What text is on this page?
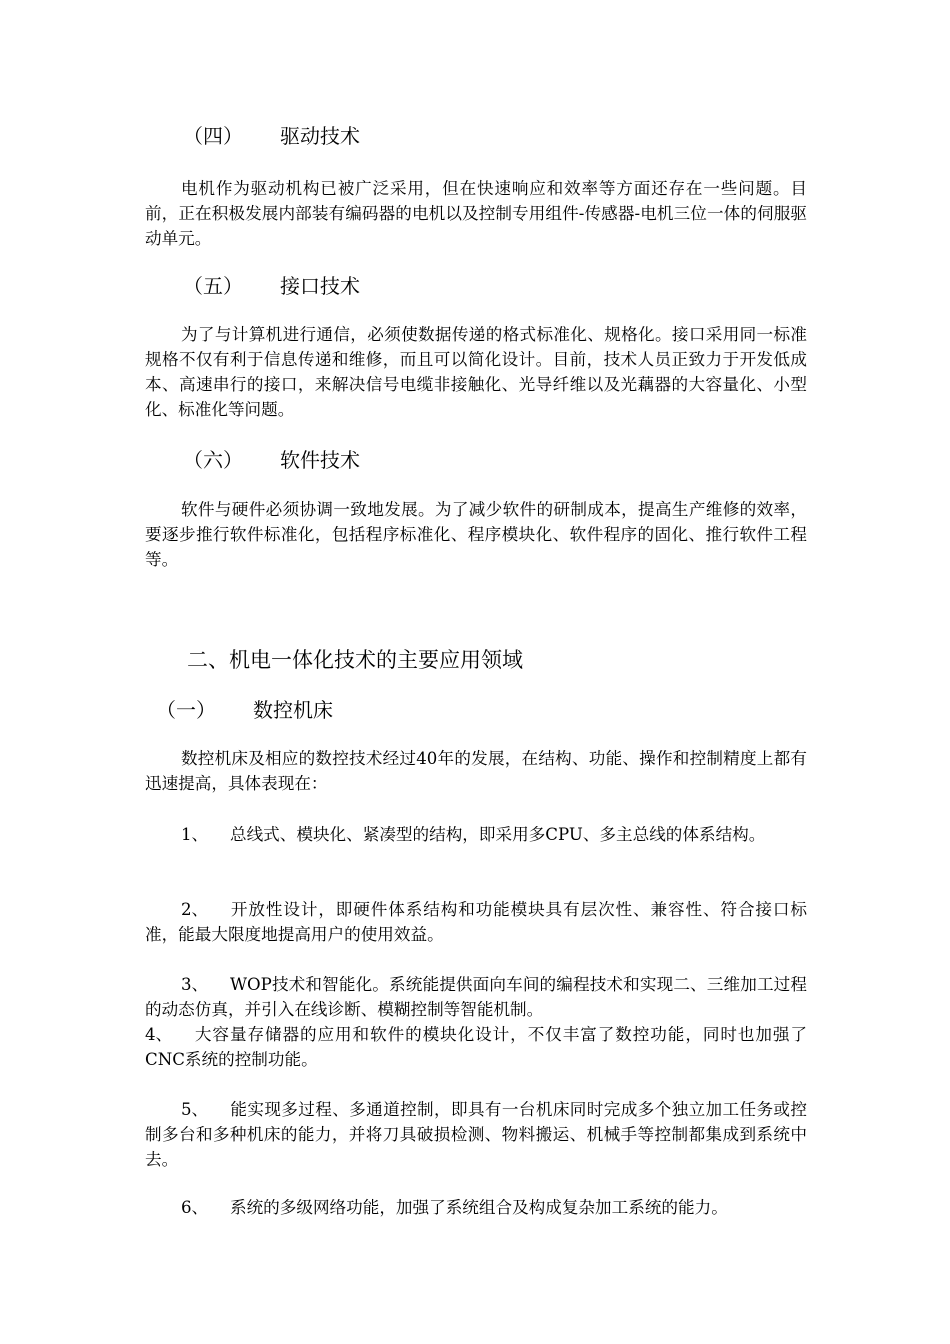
（四） 驱动技术

电机作为驱动机构已被广泛采用，但在快速响应和效率等方面还存在一些问题。目前，正在积极发展内部装有编码器的电机以及控制专用组件-传感器-电机三位一体的伺服驱动单元。

（五） 接口技术

为了与计算机进行通信，必须使数据传递的格式标准化、规格化。接口采用同一标准规格不仅有利于信息传递和维修，而且可以简化设计。目前，技术人员正致力于开发低成本、高速串行的接口，来解决信号电缆非接触化、光导纤维以及光藕器的大容量化、小型化、标准化等问题。

（六） 软件技术

软件与硬件必须协调一致地发展。为了减少软件的研制成本，提高生产维修的效率，要逐步推行软件标准化，包括程序标准化、程序模块化、软件程序的固化、推行软件工程等。

二、机电一体化技术的主要应用领域
（一） 数控机床

数控机床及相应的数控技术经过40年的发展，在结构、功能、操作和控制精度上都有迅速提高，具体表现在：

1、 总线式、模块化、紧凑型的结构，即采用多CPU、多主总线的体系结构。

2、 开放性设计，即硬件体系结构和功能模块具有层次性、兼容性、符合接口标准，能最大限度地提高用户的使用效益。

3、 WOP技术和智能化。系统能提供面向车间的编程技术和实现二、三维加工过程的动态仿真，并引入在线诊断、模糊控制等智能机制。

4、 大容量存储器的应用和软件的模块化设计，不仅丰富了数控功能，同时也加强了CNC系统的控制功能。

5、 能实现多过程、多通道控制，即具有一台机床同时完成多个独立加工任务或控制多台和多种机床的能力，并将刀具破损检测、物料搬运、机械手等控制都集成到系统中去。

6、 系统的多级网络功能，加强了系统组合及构成复杂加工系统的能力。
